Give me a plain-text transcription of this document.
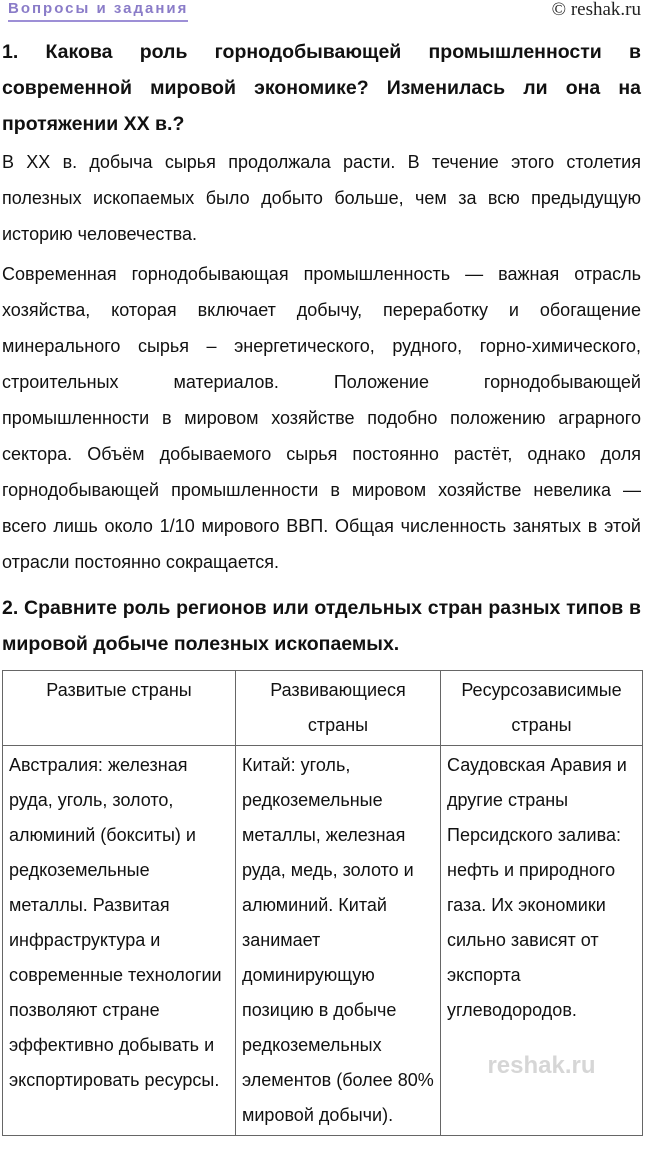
Вопросы и задания	© reshak.ru
1. Какова роль горнодобывающей промышленности в современной мировой экономике? Изменилась ли она на протяжении XX в.?
В XX в. добыча сырья продолжала расти. В течение этого столетия полезных ископаемых было добыто больше, чем за всю предыдущую историю человечества.
Современная горнодобывающая промышленность — важная отрасль хозяйства, которая включает добычу, переработку и обогащение минерального сырья – энергетического, рудного, горно-химического, строительных материалов. Положение горнодобывающей промышленности в мировом хозяйстве подобно положению аграрного сектора. Объём добываемого сырья постоянно растёт, однако доля горнодобывающей промышленности в мировом хозяйстве невелика — всего лишь около 1/10 мирового ВВП. Общая численность занятых в этой отрасли постоянно сокращается.
2. Сравните роль регионов или отдельных стран разных типов в мировой добыче полезных ископаемых.
Развитые страны	Развивающиеся страны	Ресурсозависимые страны
Австралия: железная руда, уголь, золото, алюминий (бокситы) и редкоземельные металлы. Развитая инфраструктура и современные технологии позволяют стране эффективно добывать и экспортировать ресурсы.	Китай: уголь, редкоземельные металлы, железная руда, медь, золото и алюминий. Китай занимает доминирующую позицию в добыче редкоземельных элементов (более 80% мировой добычи).	Саудовская Аравия и другие страны Персидского залива: нефть и природного газа. Их экономики сильно зависят от экспорта углеводородов.
reshak.ru
